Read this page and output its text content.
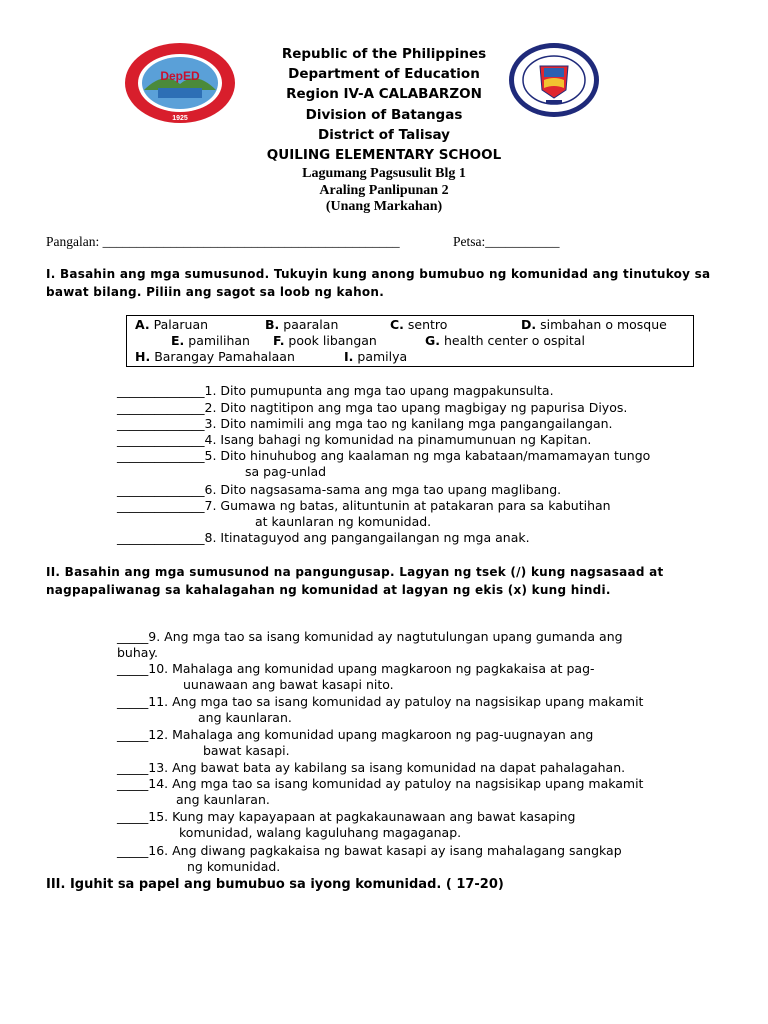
DepED
1925
Republic of the Philippines
Department of Education
Region IV-A CALABARZON
Division of Batangas
District of Talisay
QUILING ELEMENTARY SCHOOL
Lagumang Pagsusulit Blg 1
Araling Panlipunan 2
(Unang Markahan)
Pangalan: ____________________________________________	Petsa:___________
I. Basahin ang mga sumusunod. Tukuyin kung anong bumubuo ng komunidad ang tinutukoy sa bawat bilang. Piliin ang sagot sa loob ng kahon.
A. Palaruan	B. paaralan	C. sentro	D. simbahan o mosque
E. pamilihan F. pook libangan	G. health center o ospital
H. Barangay Pamahalaan	I. pamilya
______________1. Dito pumupunta ang mga tao upang magpakunsulta.
______________2. Dito nagtitipon ang mga tao upang magbigay ng papurisa Diyos.
______________3. Dito namimili ang mga tao ng kanilang mga pangangailangan.
______________4. Isang bahagi ng komunidad na pinamumunuan ng Kapitan.
______________5. Dito hinuhubog ang kaalaman ng mga kabataan/mamamayan tungo
sa pag-unlad
______________6. Dito nagsasama-sama ang mga tao upang maglibang.
______________7. Gumawa ng batas, alituntunin at patakaran para sa kabutihan
at kaunlaran ng komunidad.
______________8. Itinataguyod ang pangangailangan ng mga anak.
II. Basahin ang mga sumusunod na pangungusap. Lagyan ng tsek (/) kung nagsasaad at nagpapaliwanag sa kahalagahan ng komunidad at lagyan ng ekis (x) kung hindi.
_____9. Ang mga tao sa isang komunidad ay nagtutulungan upang gumanda ang
buhay.
_____10. Mahalaga ang komunidad upang magkaroon ng pagkakaisa at pag-
uunawaan ang bawat kasapi nito.
_____11. Ang mga tao sa isang komunidad ay patuloy na nagsisikap upang makamit
ang kaunlaran.
_____12. Mahalaga ang komunidad upang magkaroon ng pag-uugnayan ang
bawat kasapi.
_____13. Ang bawat bata ay kabilang sa isang komunidad na dapat pahalagahan.
_____14. Ang mga tao sa isang komunidad ay patuloy na nagsisikap upang makamit
ang kaunlaran.
_____15. Kung may kapayapaan at pagkakaunawaan ang bawat kasaping
komunidad, walang kaguluhang magaganap.
_____16. Ang diwang pagkakaisa ng bawat kasapi ay isang mahalagang sangkap
ng komunidad.
III. Iguhit sa papel ang bumubuo sa iyong komunidad. ( 17-20)
